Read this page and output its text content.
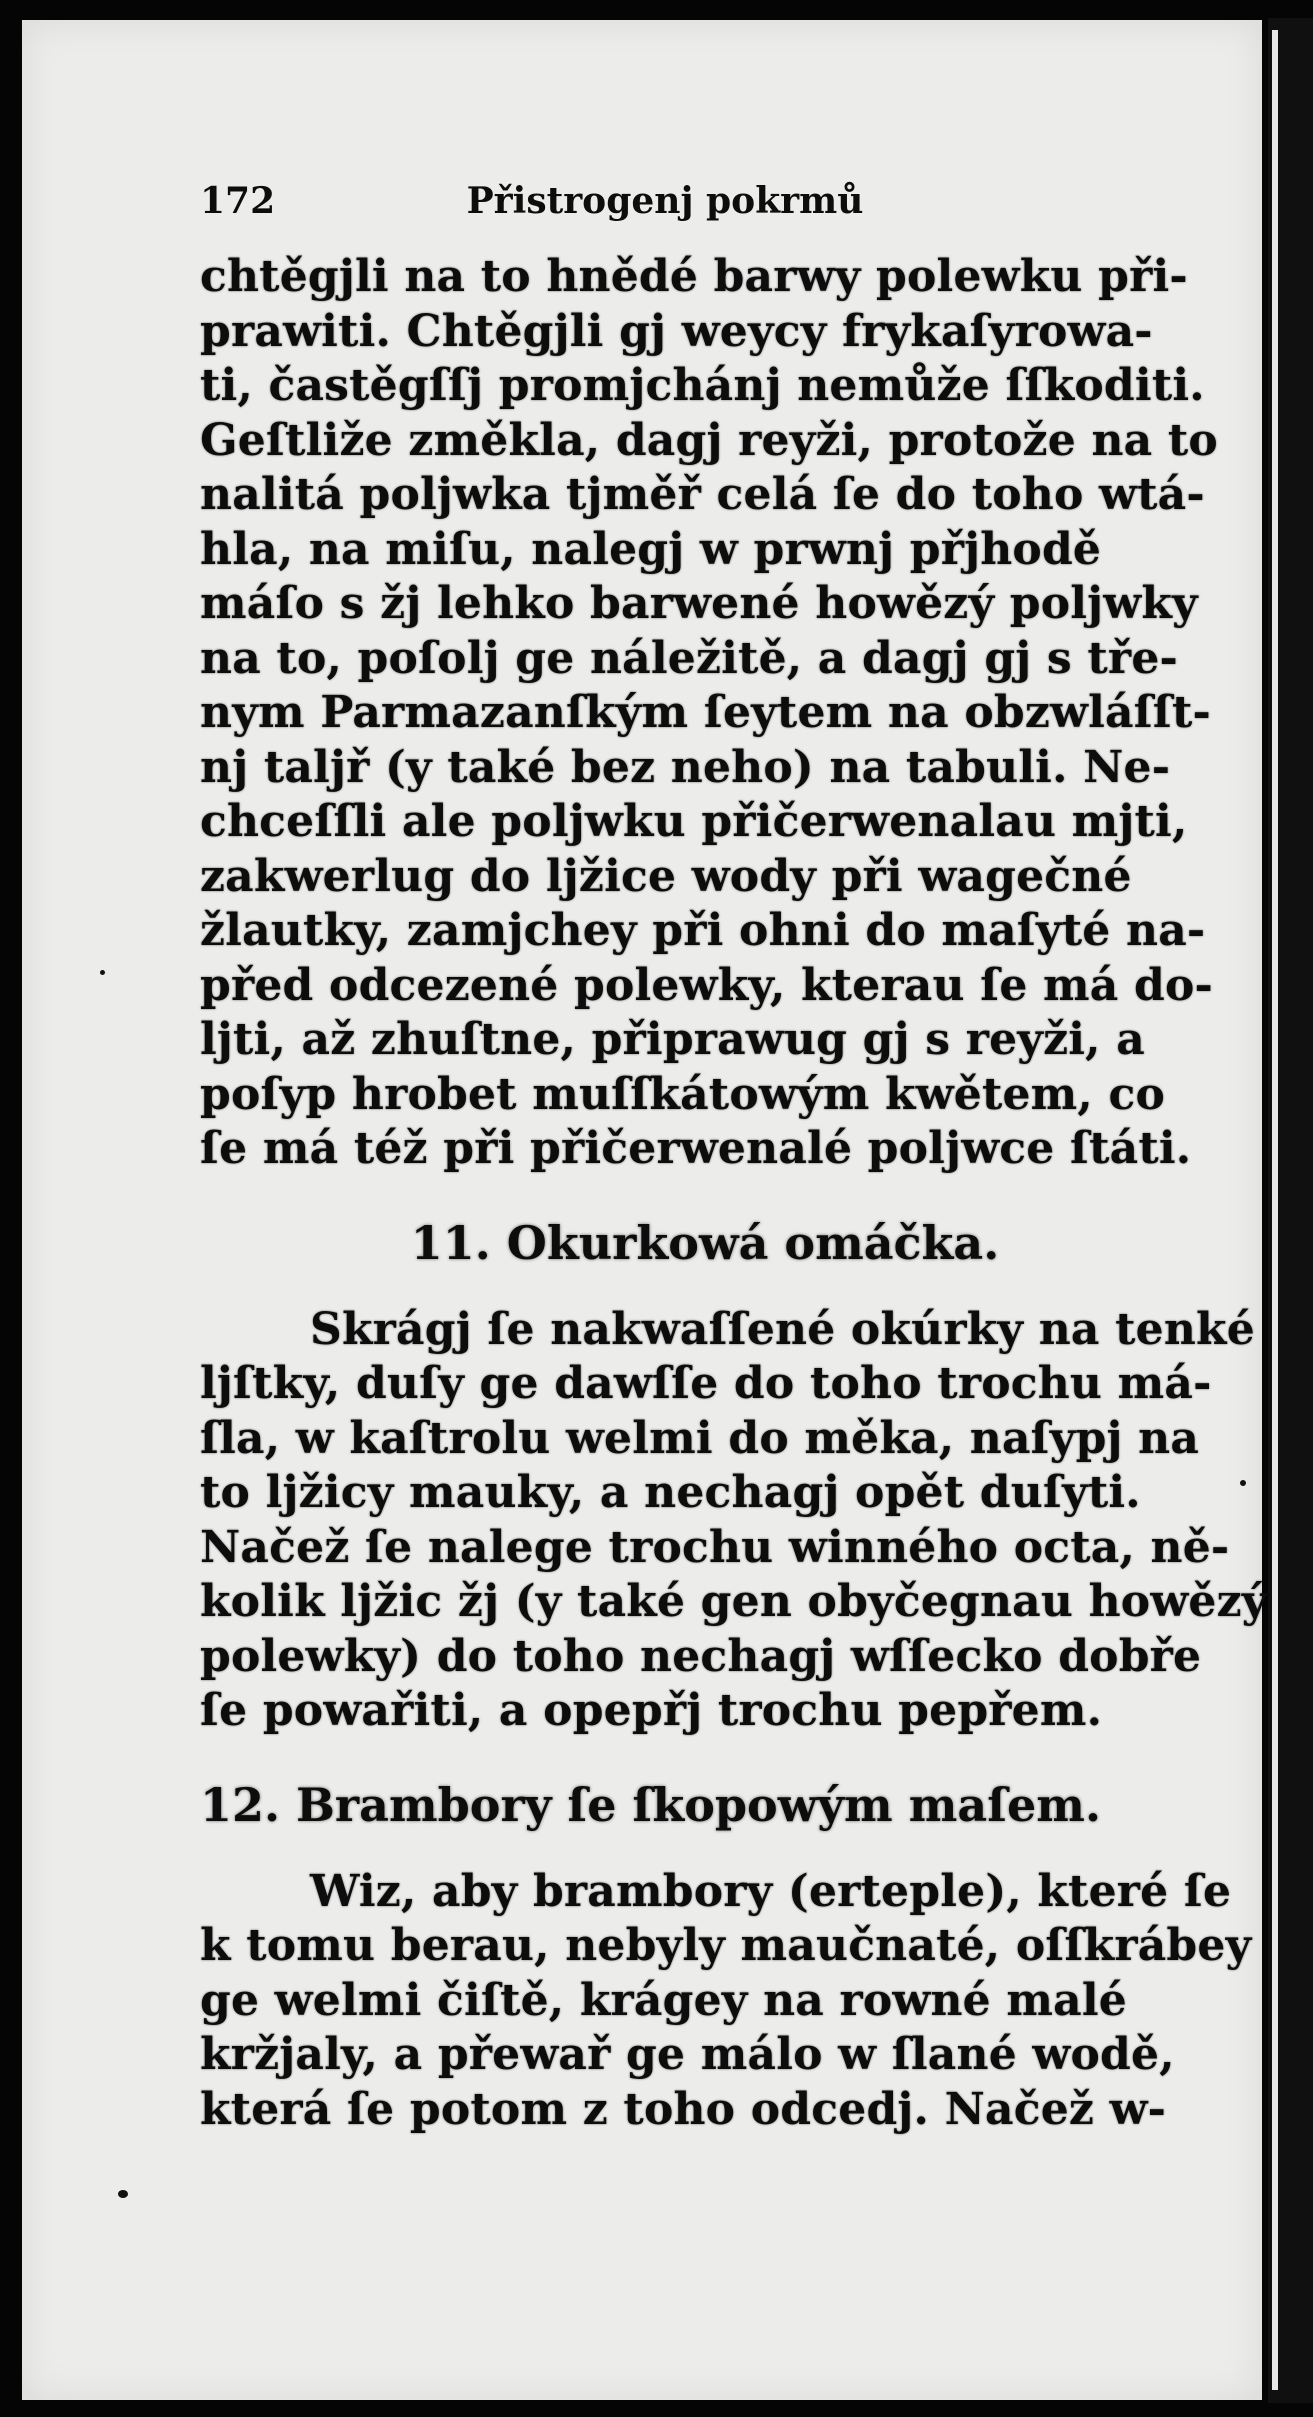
172	Přistrogenj pokrmů
chtěgjli na to hnědé barwy polewku při-
prawiti. Chtěgjli gj weycy frykaſyrowa-
ti, častěgſſj promjchánj nemůže ſſkoditi.
Geſtliže změkla, dagj reyži, protože na to
nalitá poljwka tjměř celá ſe do toho wtá-
hla, na miſu, nalegj w prwnj přjhodě
máſo s žj lehko barwené howězý poljwky
na to, poſolj ge náležitě, a dagj gj s tře-
nym Parmazanſkým ſeytem na obzwláſſt-
nj taljř (y také bez neho) na tabuli. Ne-
chceſſli ale poljwku přičerwenalau mjti,
zakwerlug do ljžice wody při wagečné
žlautky, zamjchey při ohni do maſyté na-
před odcezené polewky, kterau ſe má do-
ljti, až zhuſtne, připrawug gj s reyži, a
poſyp hrobet muſſkátowým kwětem, co
ſe má též při přičerwenalé poljwce ſtáti.
11. Okurkowá omáčka.
Skrágj ſe nakwaſſené okúrky na tenké
ljſtky, duſy ge dawſſe do toho trochu má-
ſla, w kaſtrolu welmi do měka, naſypj na
to ljžicy mauky, a nechagj opět duſyti.
Načež ſe nalege trochu winného octa, ně-
kolik ljžic žj (y také gen obyčegnau howězý
polewky) do toho nechagj wſſecko dobře
ſe powařiti, a opepřj trochu pepřem.
12. Brambory ſe ſkopowým maſem.
Wiz, aby brambory (erteple), které ſe
k tomu berau, nebyly maučnaté, oſſkrábey
ge welmi čiſtě, krágey na rowné malé
kržjaly, a přewař ge málo w ſlané wodě,
která ſe potom z toho odcedj. Načež w-
